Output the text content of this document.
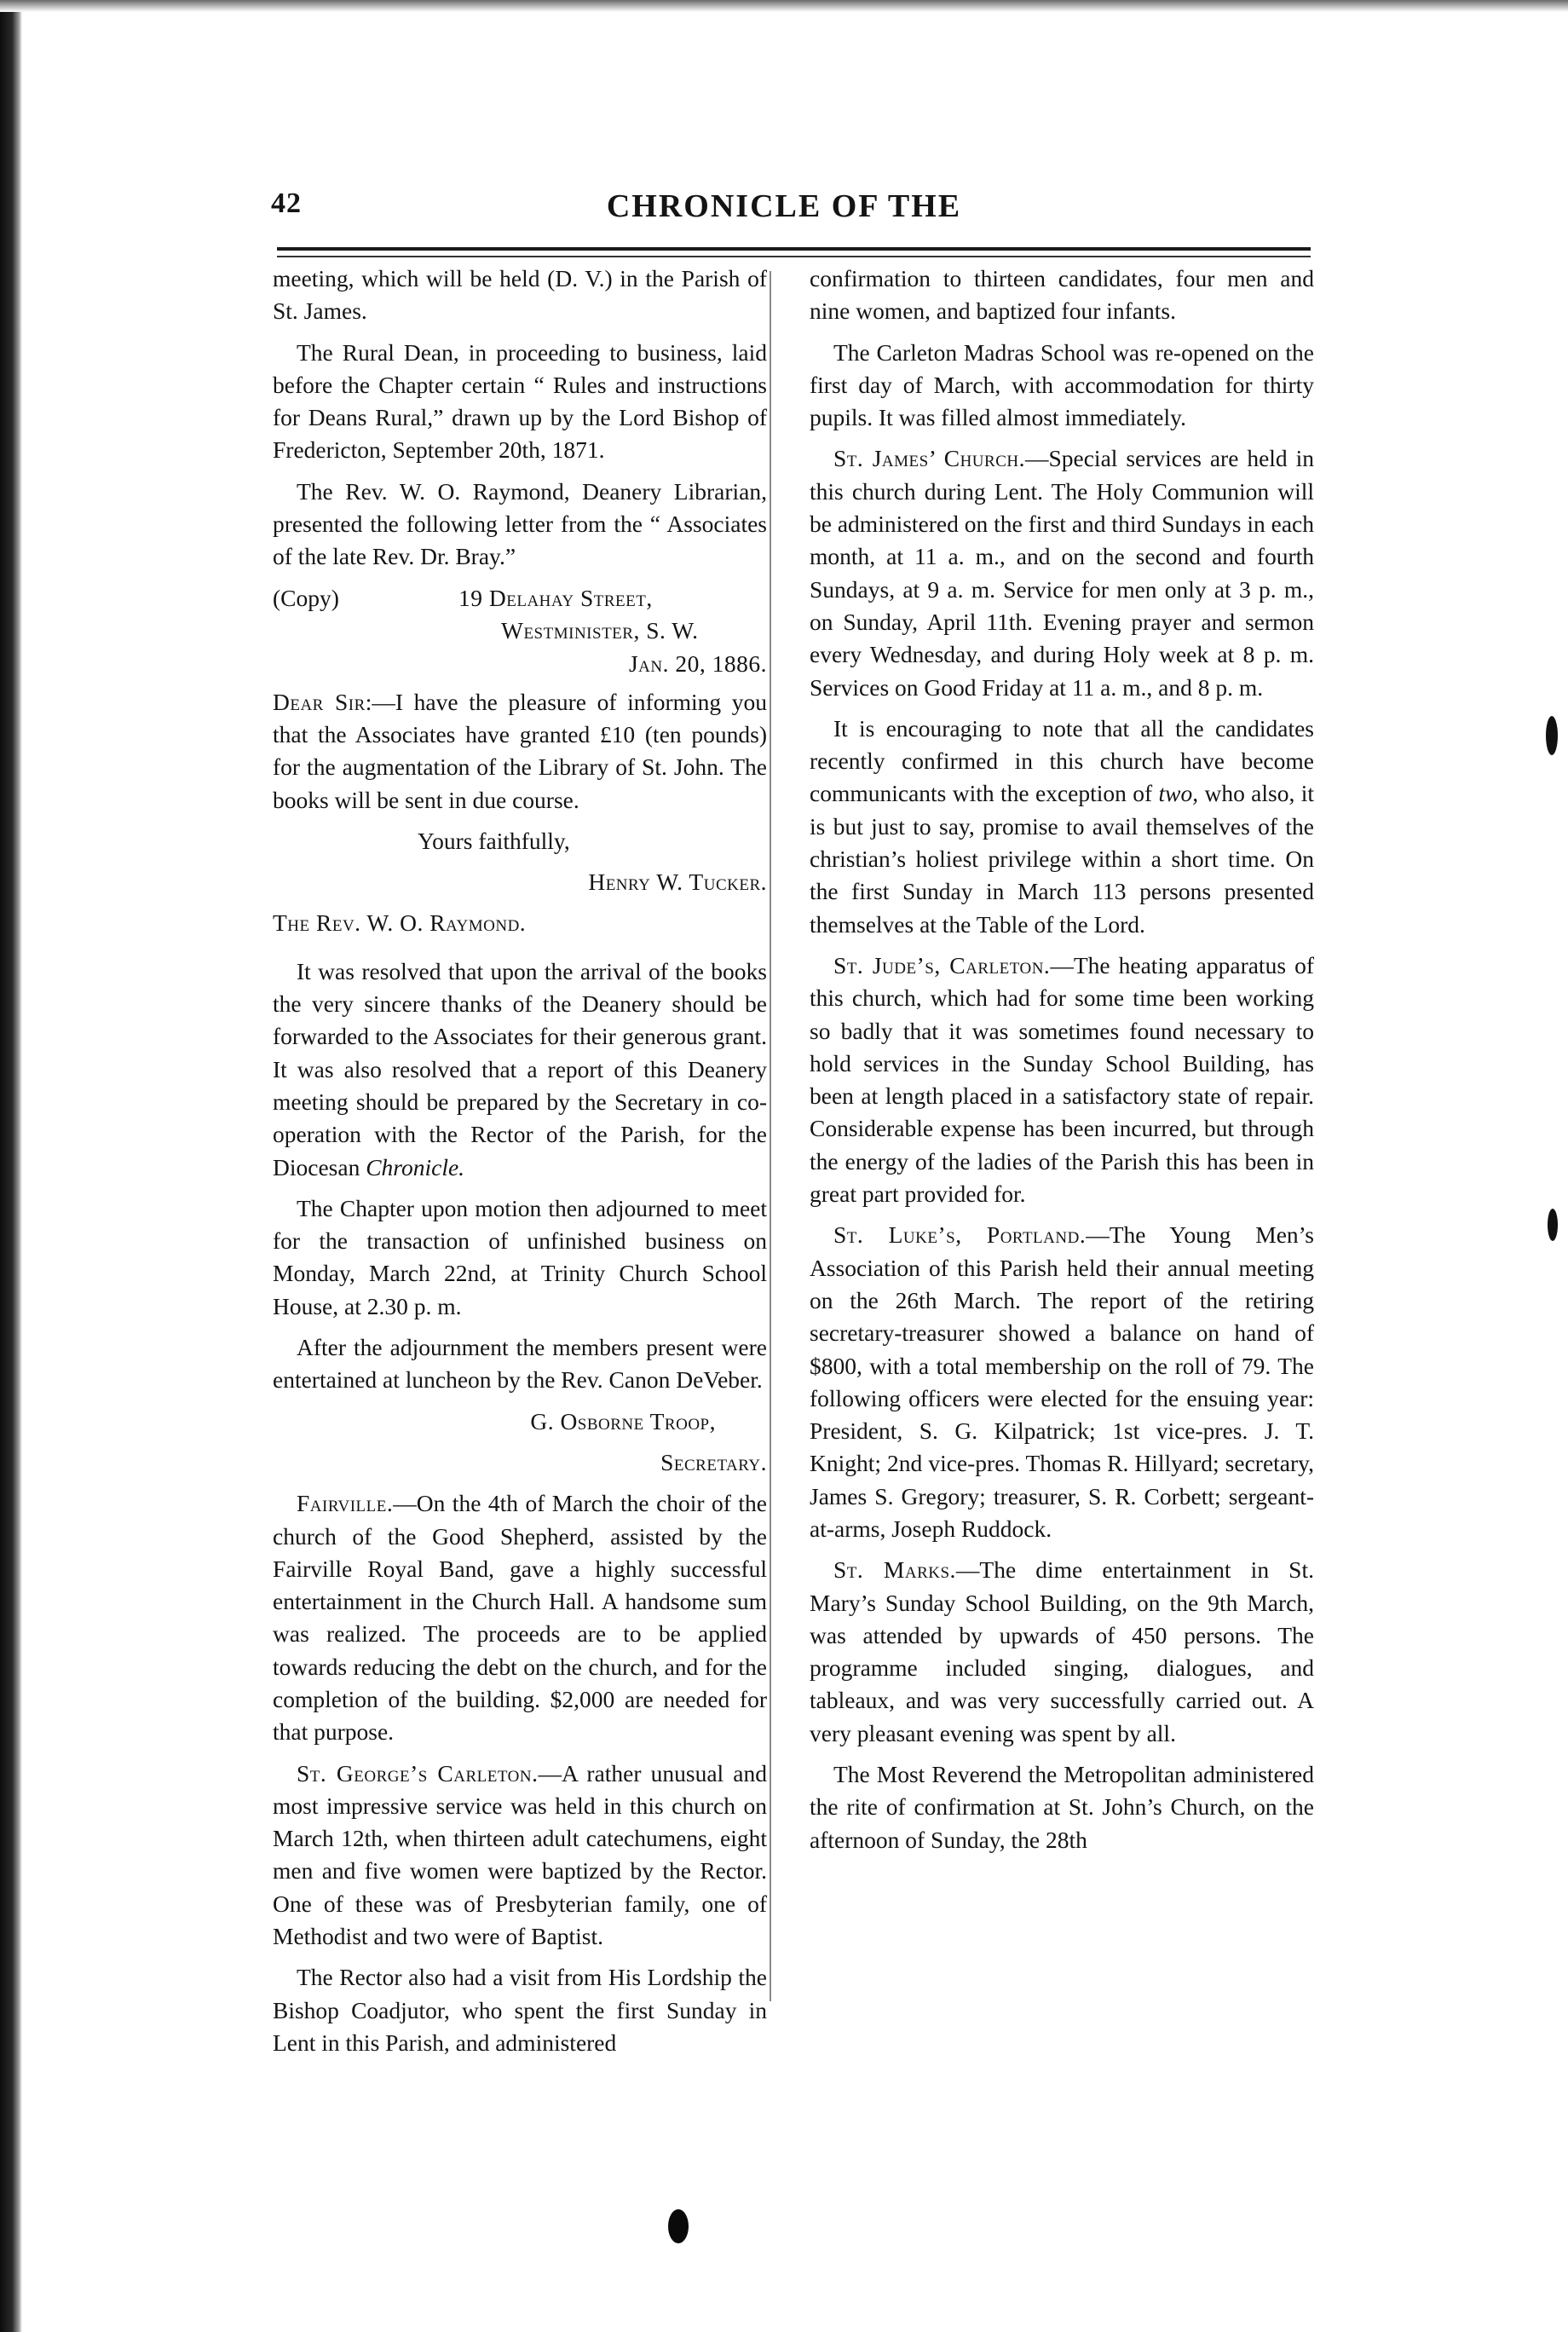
42	CHRONICLE OF THE

meeting, which will be held (D. V.) in the Parish of St. James.

The Rural Dean, in proceeding to business, laid before the Chapter certain “ Rules and instructions for Deans Rural,” drawn up by the Lord Bishop of Fredericton, September 20th, 1871.

The Rev. W. O. Raymond, Deanery Librarian, presented the following letter from the “ Associates of the late Rev. Dr. Bray.”

(Copy)	19 Delahay Street,
Westminister, S. W.
Jan. 20, 1886.

Dear Sir:—I have the pleasure of informing you that the Associates have granted £10 (ten pounds) for the augmentation of the Library of St. John. The books will be sent in due course.

Yours faithfully,

Henry W. Tucker.

The Rev. W. O. Raymond.

It was resolved that upon the arrival of the books the very sincere thanks of the Deanery should be forwarded to the Associates for their generous grant. It was also resolved that a report of this Deanery meeting should be prepared by the Secretary in co-operation with the Rector of the Parish, for the Diocesan Chronicle.

The Chapter upon motion then adjourned to meet for the transaction of unfinished business on Monday, March 22nd, at Trinity Church School House, at 2.30 p. m.

After the adjournment the members present were entertained at luncheon by the Rev. Canon DeVeber.

G. Osborne Troop,

Secretary.

Fairville.—On the 4th of March the choir of the church of the Good Shepherd, assisted by the Fairville Royal Band, gave a highly successful entertainment in the Church Hall. A handsome sum was realized. The proceeds are to be applied towards reducing the debt on the church, and for the completion of the building. $2,000 are needed for that purpose.

St. George’s Carleton.—A rather unusual and most impressive service was held in this church on March 12th, when thirteen adult catechumens, eight men and five women were baptized by the Rector. One of these was of Presbyterian family, one of Methodist and two were of Baptist.

The Rector also had a visit from His Lordship the Bishop Coadjutor, who spent the first Sunday in Lent in this Parish, and administered

confirmation to thirteen candidates, four men and nine women, and baptized four infants.

The Carleton Madras School was re-opened on the first day of March, with accommodation for thirty pupils. It was filled almost immediately.

St. James’ Church.—Special services are held in this church during Lent. The Holy Communion will be administered on the first and third Sundays in each month, at 11 a. m., and on the second and fourth Sundays, at 9 a. m. Service for men only at 3 p. m., on Sunday, April 11th. Evening prayer and sermon every Wednesday, and during Holy week at 8 p. m. Services on Good Friday at 11 a. m., and 8 p. m.

It is encouraging to note that all the candidates recently confirmed in this church have become communicants with the exception of two, who also, it is but just to say, promise to avail themselves of the christian’s holiest privilege within a short time. On the first Sunday in March 113 persons presented themselves at the Table of the Lord.

St. Jude’s, Carleton.—The heating apparatus of this church, which had for some time been working so badly that it was sometimes found necessary to hold services in the Sunday School Building, has been at length placed in a satisfactory state of repair. Considerable expense has been incurred, but through the energy of the ladies of the Parish this has been in great part provided for.

St. Luke’s, Portland.—The Young Men’s Association of this Parish held their annual meeting on the 26th March. The report of the retiring secretary-treasurer showed a balance on hand of $800, with a total membership on the roll of 79. The following officers were elected for the ensuing year: President, S. G. Kilpatrick; 1st vice-pres. J. T. Knight; 2nd vice-pres. Thomas R. Hillyard; secretary, James S. Gregory; treasurer, S. R. Corbett; sergeant-at-arms, Joseph Ruddock.

St. Marks.—The dime entertainment in St. Mary’s Sunday School Building, on the 9th March, was attended by upwards of 450 persons. The programme included singing, dialogues, and tableaux, and was very successfully carried out. A very pleasant evening was spent by all.

The Most Reverend the Metropolitan administered the rite of confirmation at St. John’s Church, on the afternoon of Sunday, the 28th
